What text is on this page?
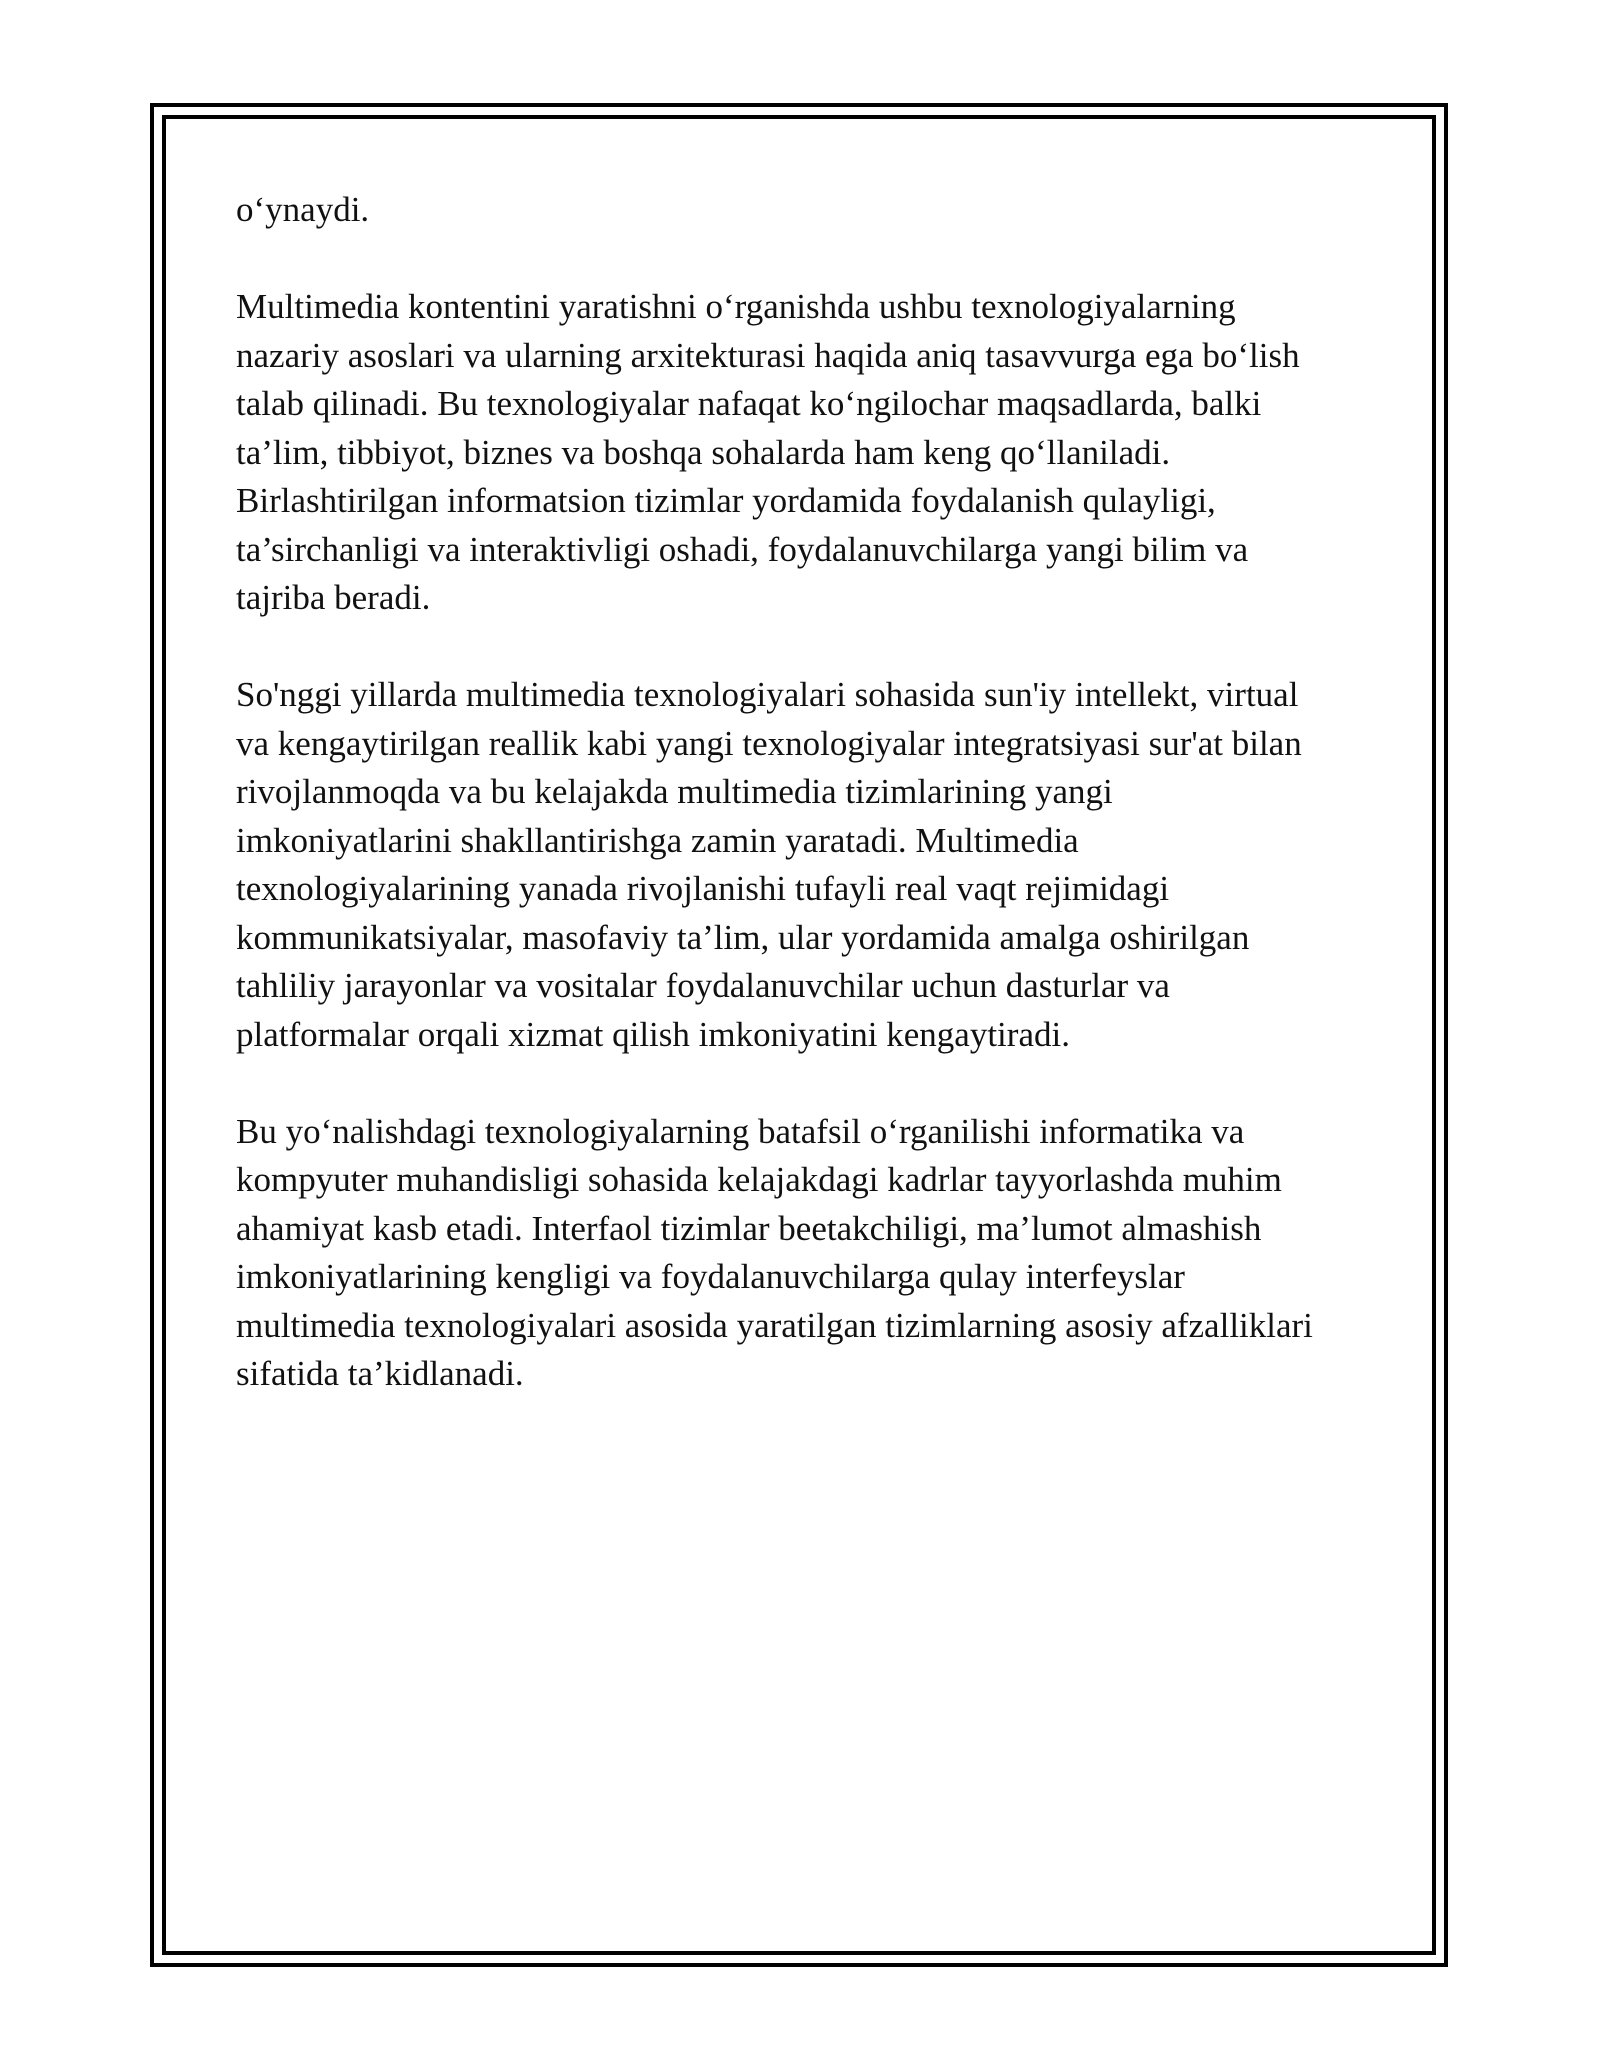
o‘ynaydi.

Multimedia kontentini yaratishni o‘rganishda ushbu texnologiyalarning
nazariy asoslari va ularning arxitekturasi haqida aniq tasavvurga ega bo‘lish
talab qilinadi. Bu texnologiyalar nafaqat ko‘ngilochar maqsadlarda, balki
ta’lim, tibbiyot, biznes va boshqa sohalarda ham keng qo‘llaniladi.
Birlashtirilgan informatsion tizimlar yordamida foydalanish qulayligi,
ta’sirchanligi va interaktivligi oshadi, foydalanuvchilarga yangi bilim va
tajriba beradi.

So'nggi yillarda multimedia texnologiyalari sohasida sun'iy intellekt, virtual
va kengaytirilgan reallik kabi yangi texnologiyalar integratsiyasi sur'at bilan
rivojlanmoqda va bu kelajakda multimedia tizimlarining yangi
imkoniyatlarini shakllantirishga zamin yaratadi. Multimedia
texnologiyalarining yanada rivojlanishi tufayli real vaqt rejimidagi
kommunikatsiyalar, masofaviy ta’lim, ular yordamida amalga oshirilgan
tahliliy jarayonlar va vositalar foydalanuvchilar uchun dasturlar va
platformalar orqali xizmat qilish imkoniyatini kengaytiradi.

Bu yo‘nalishdagi texnologiyalarning batafsil o‘rganilishi informatika va
kompyuter muhandisligi sohasida kelajakdagi kadrlar tayyorlashda muhim
ahamiyat kasb etadi. Interfaol tizimlar beetakchiligi, ma’lumot almashish
imkoniyatlarining kengligi va foydalanuvchilarga qulay interfeyslar
multimedia texnologiyalari asosida yaratilgan tizimlarning asosiy afzalliklari
sifatida ta’kidlanadi.
